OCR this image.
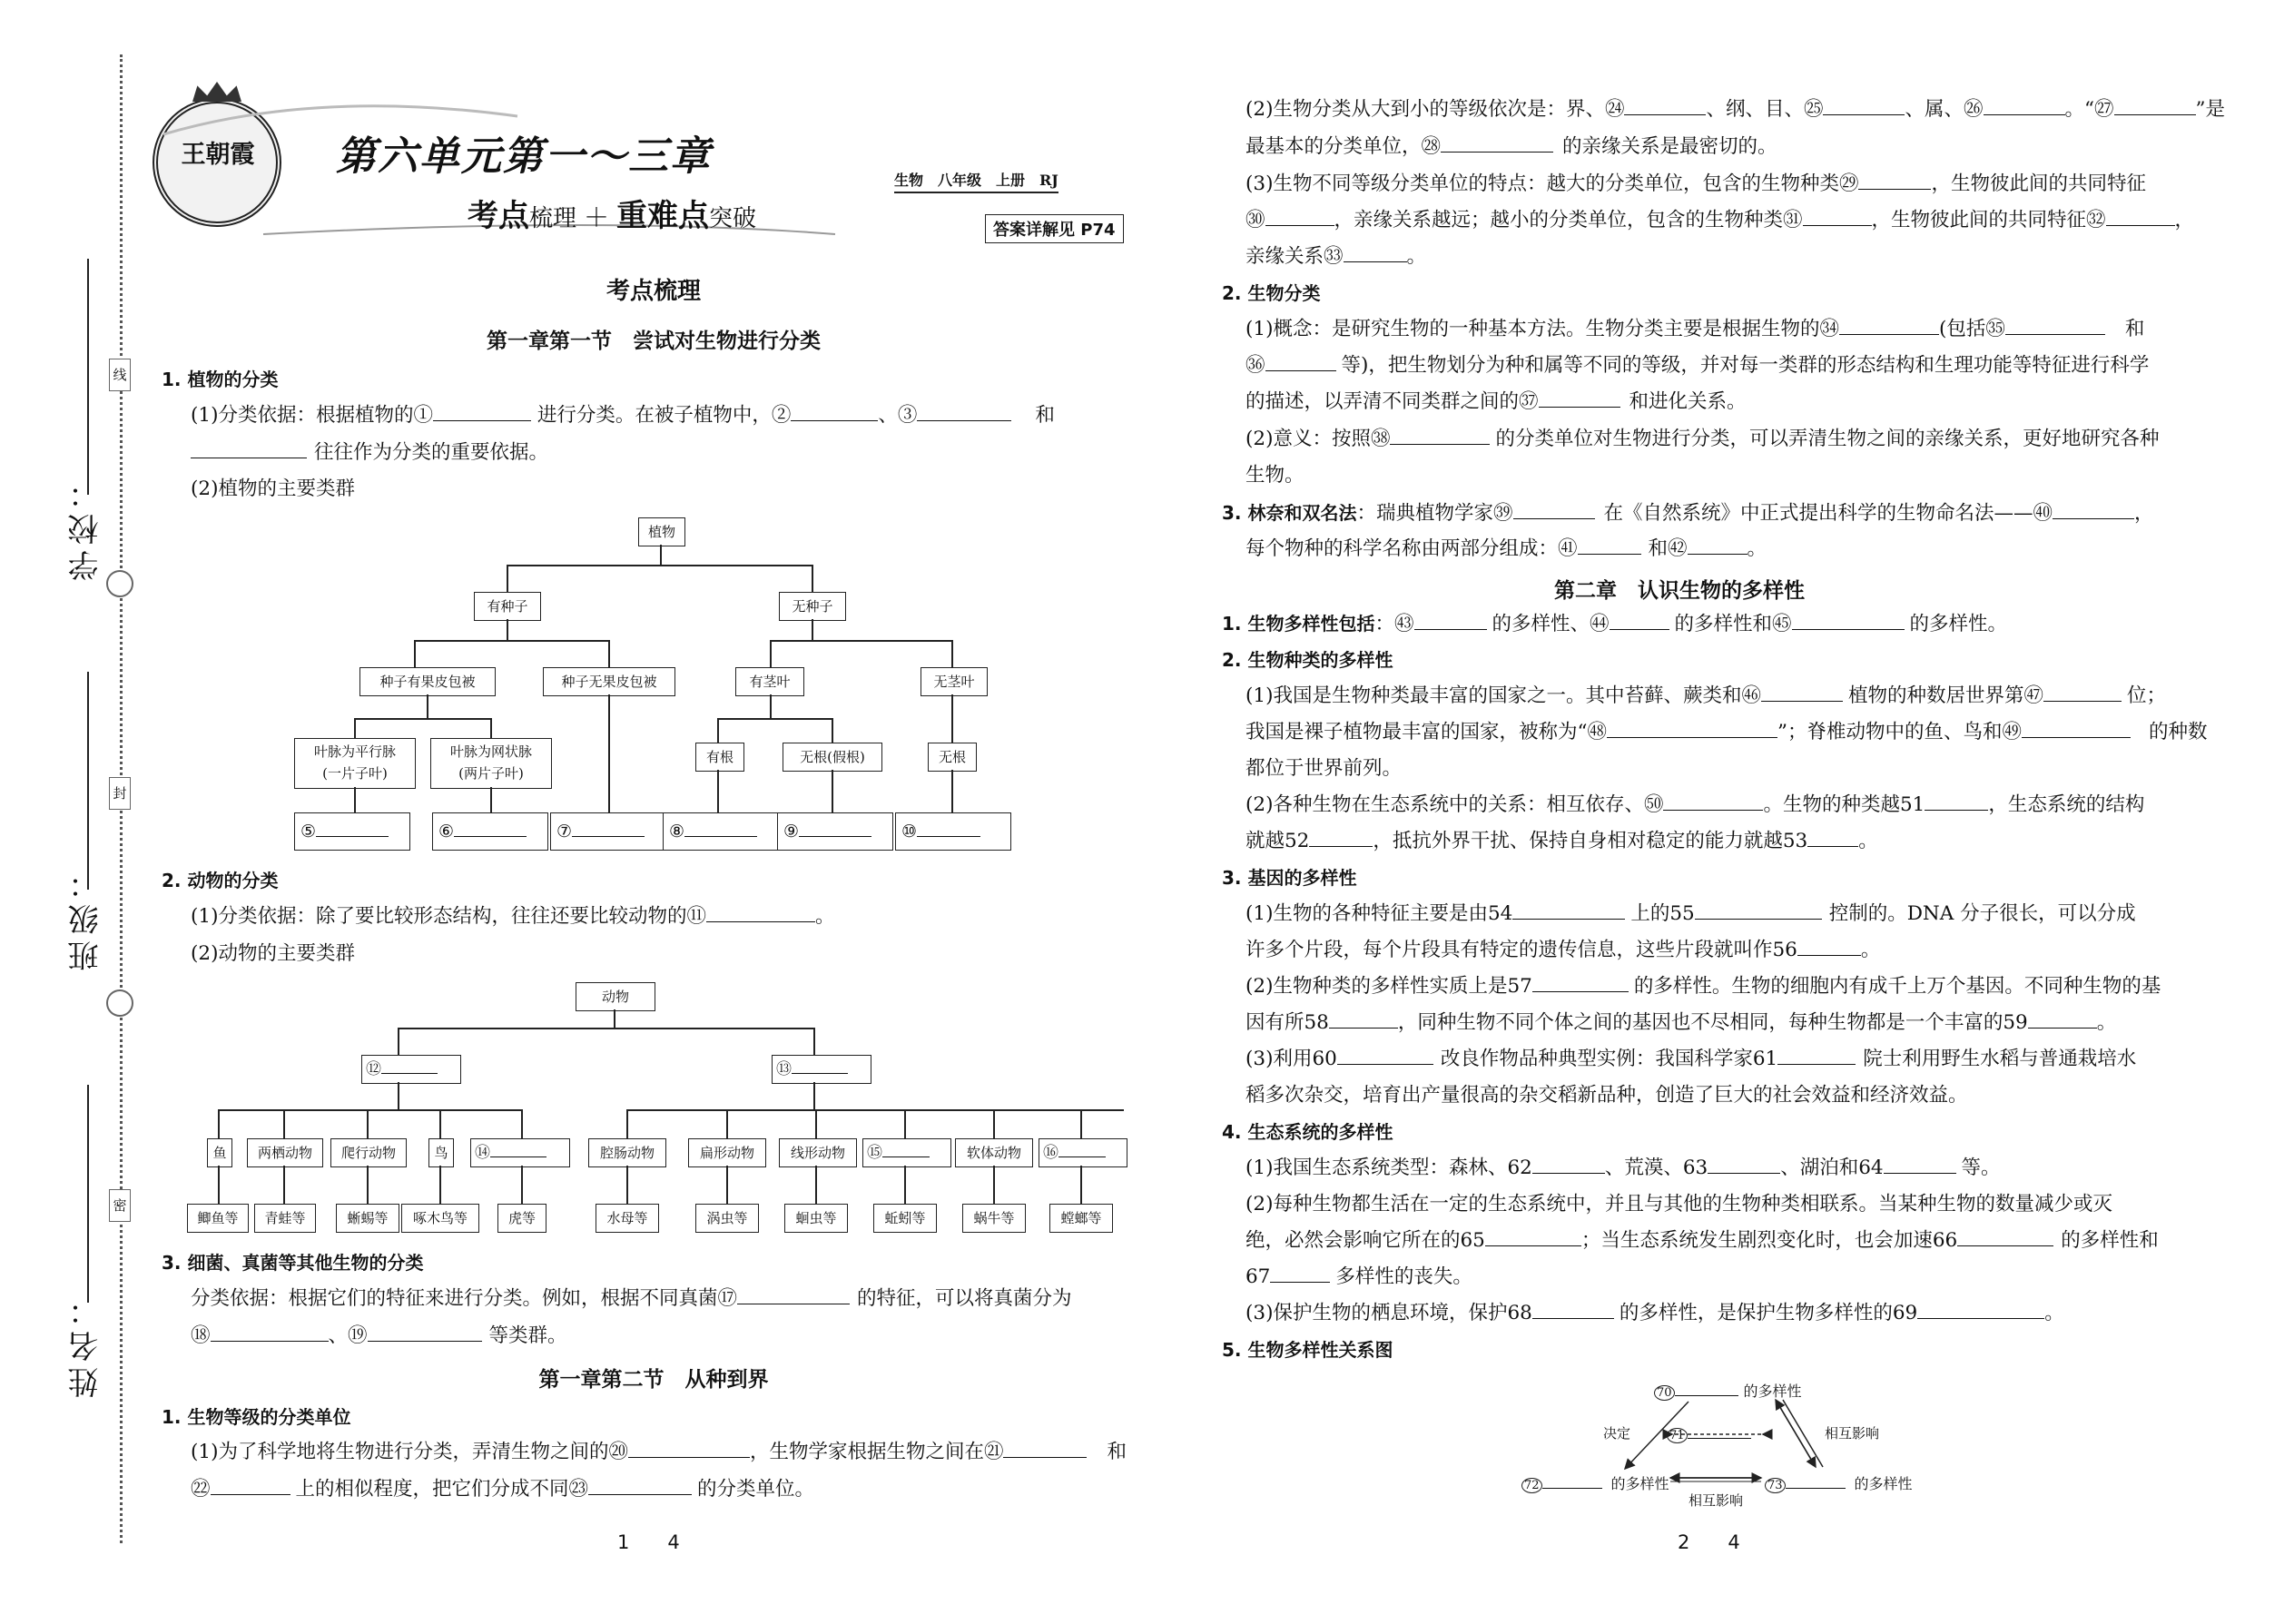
学校：
班级：
姓名：
线
封
密
王朝霞 第六单元第一～三章
考点梳理 ＋ 重难点突破
生物　八年级　上册　RJ
答案详解见 P74
考点梳理
第一章第一节　尝试对生物进行分类
1. 植物的分类
(1)分类依据：根据植物的①	进行分类。在被子植物中，②	、③	和
往往作为分类的重要依据。
(2)植物的主要类群
植物
有种子	无种子
种子有果皮包被	种子无果皮包被	有茎叶	无茎叶
叶脉为平行脉
(一片子叶)
叶脉为网状脉
(两片子叶)
有根	无根(假根)	无根
⑤	⑥	⑦	⑧	⑨	⑩
2. 动物的分类
(1)分类依据：除了要比较形态结构，往往还要比较动物的⑪	。
(2)动物的主要类群
动物
⑫	⑬
鱼	两栖动物	爬行动物	鸟	⑭	腔肠动物	扁形动物	线形动物	⑮	软体动物	⑯
鲫鱼等	青蛙等	蜥蜴等	啄木鸟等	虎等	水母等	涡虫等	蛔虫等	蚯蚓等	蜗牛等	螳螂等
3. 细菌、真菌等其他生物的分类
分类依据：根据它们的特征来进行分类。例如，根据不同真菌⑰	的特征，可以将真菌分为
⑱	、⑲	等类群。
第一章第二节　从种到界
1. 生物等级的分类单位
(1)为了科学地将生物进行分类，弄清生物之间的⑳	，生物学家根据生物之间在㉑	和
㉒	上的相似程度，把它们分成不同㉓	的分类单位。
1　　4
(2)生物分类从大到小的等级依次是：界、㉔	、纲、目、㉕	、属、㉖	。“㉗	”是
最基本的分类单位，㉘	的亲缘关系是最密切的。
(3)生物不同等级分类单位的特点：越大的分类单位，包含的生物种类㉙	，生物彼此间的共同特征
㉚	，亲缘关系越远；越小的分类单位，包含的生物种类㉛	，生物彼此间的共同特征㉜	，
亲缘关系㉝	。
2. 生物分类
(1)概念：是研究生物的一种基本方法。生物分类主要是根据生物的㉞	(包括㉟	和
㊱	等)，把生物划分为种和属等不同的等级，并对每一类群的形态结构和生理功能等特征进行科学
的描述，以弄清不同类群之间的㊲	和进化关系。
(2)意义：按照㊳	的分类单位对生物进行分类，可以弄清生物之间的亲缘关系，更好地研究各种
生物。
3. 林奈和双名法：瑞典植物学家㊴	在《自然系统》中正式提出科学的生物命名法——㊵	，
每个物种的科学名称由两部分组成：㊶	和㊷	。
第二章　认识生物的多样性
1. 生物多样性包括：㊸	的多样性、㊹	的多样性和㊺	的多样性。
2. 生物种类的多样性
(1)我国是生物种类最丰富的国家之一。其中苔藓、蕨类和㊻	植物的种数居世界第㊼	位；
我国是裸子植物最丰富的国家，被称为“㊽	”；脊椎动物中的鱼、鸟和㊾	的种数
都位于世界前列。
(2)各种生物在生态系统中的关系：相互依存、㊿	。生物的种类越51	，生态系统的结构
就越52	，抵抗外界干扰、保持自身相对稳定的能力就越53	。
3. 基因的多样性
(1)生物的各种特征主要是由54	上的55	控制的。DNA 分子很长，可以分成
许多个片段，每个片段具有特定的遗传信息，这些片段就叫作56	。
(2)生物种类的多样性实质上是57	的多样性。生物的细胞内有成千上万个基因。不同种生物的基
因有所58	，同种生物不同个体之间的基因也不尽相同，每种生物都是一个丰富的59	。
(3)利用60	改良作物品种典型实例：我国科学家61	院士利用野生水稻与普通栽培水
稻多次杂交，培育出产量很高的杂交稻新品种，创造了巨大的社会效益和经济效益。
4. 生态系统的多样性
(1)我国生态系统类型：森林、62	、荒漠、63	、湖泊和64	等。
(2)每种生物都生活在一定的生态系统中，并且与其他的生物种类相联系。当某种生物的数量减少或灭
绝，必然会影响它所在的65	；当生态系统发生剧烈变化时，也会加速66	的多样性和
67	多样性的丧失。
(3)保护生物的栖息环境，保护68	的多样性，是保护生物多样性的69	。
5. 生物多样性关系图
70	的多样性
71
72	的多样性	73	的多样性
决定	相互影响
相互影响
2　　4
